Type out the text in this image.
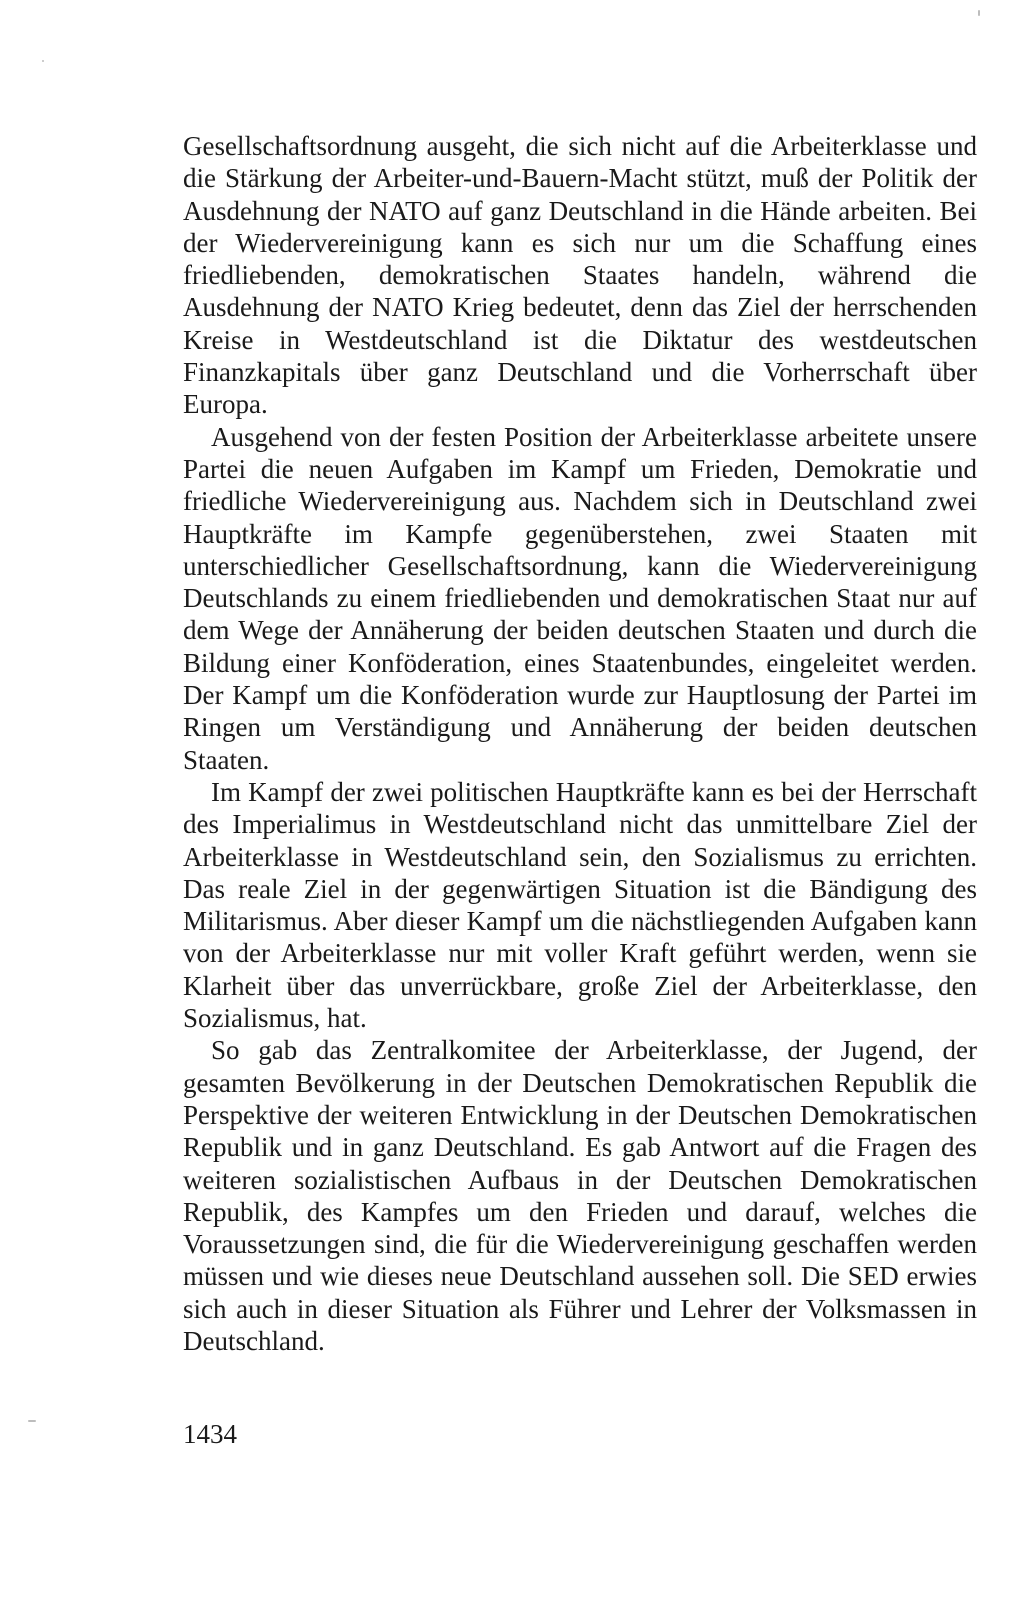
Gesellschaftsordnung ausgeht, die sich nicht auf die Arbeiterklasse und die Stärkung der Arbeiter-und-Bauern-Macht stützt, muß der Politik der Ausdehnung der NATO auf ganz Deutschland in die Hände arbeiten. Bei der Wiedervereinigung kann es sich nur um die Schaffung eines friedliebenden, demokratischen Staates handeln, während die Ausdehnung der NATO Krieg bedeutet, denn das Ziel der herrschenden Kreise in Westdeutschland ist die Diktatur des westdeutschen Finanzkapitals über ganz Deutschland und die Vorherrschaft über Europa.

Ausgehend von der festen Position der Arbeiterklasse arbeitete unsere Partei die neuen Aufgaben im Kampf um Frieden, Demokratie und friedliche Wiedervereinigung aus. Nachdem sich in Deutschland zwei Hauptkräfte im Kampfe gegenüberstehen, zwei Staaten mit unterschiedlicher Gesellschaftsordnung, kann die Wiedervereinigung Deutschlands zu einem friedliebenden und demokratischen Staat nur auf dem Wege der Annäherung der beiden deutschen Staaten und durch die Bildung einer Konföderation, eines Staatenbundes, eingeleitet werden. Der Kampf um die Konföderation wurde zur Hauptlosung der Partei im Ringen um Verständigung und Annäherung der beiden deutschen Staaten.

Im Kampf der zwei politischen Hauptkräfte kann es bei der Herrschaft des Imperialimus in Westdeutschland nicht das unmittelbare Ziel der Arbeiterklasse in Westdeutschland sein, den Sozialismus zu errichten. Das reale Ziel in der gegenwärtigen Situation ist die Bändigung des Militarismus. Aber dieser Kampf um die nächstliegenden Aufgaben kann von der Arbeiterklasse nur mit voller Kraft geführt werden, wenn sie Klarheit über das unverrückbare, große Ziel der Arbeiterklasse, den Sozialismus, hat.

So gab das Zentralkomitee der Arbeiterklasse, der Jugend, der gesamten Bevölkerung in der Deutschen Demokratischen Republik die Perspektive der weiteren Entwicklung in der Deutschen Demokratischen Republik und in ganz Deutschland. Es gab Antwort auf die Fragen des weiteren sozialistischen Aufbaus in der Deutschen Demokratischen Republik, des Kampfes um den Frieden und darauf, welches die Voraussetzungen sind, die für die Wiedervereinigung geschaffen werden müssen und wie dieses neue Deutschland aussehen soll. Die SED erwies sich auch in dieser Situation als Führer und Lehrer der Volksmassen in Deutschland.

1434
